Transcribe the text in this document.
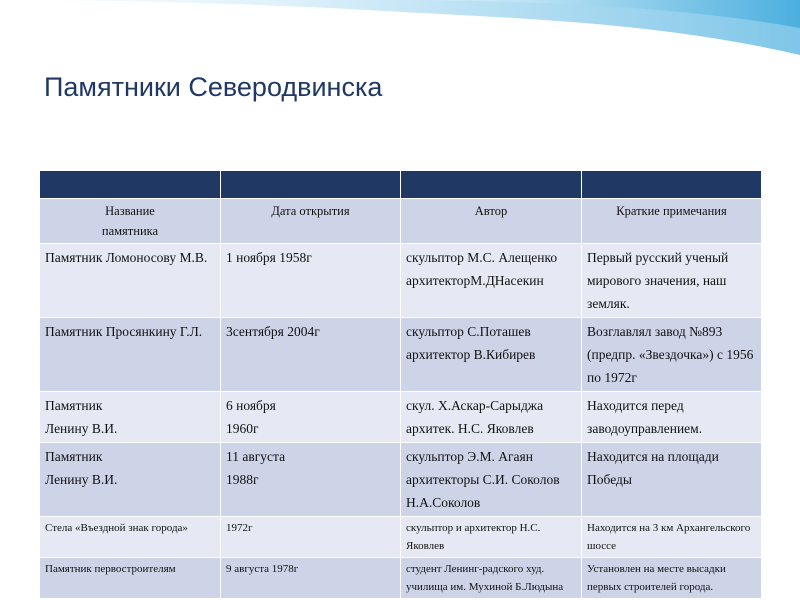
Памятники Северодвинска

Название памятника	Дата открытия	Автор	Краткие примечания
Памятник Ломоносову М.В.	1 ноября 1958г	скульптор М.С. Алещенко архитекторМ.ДНасекин	Первый русский ученый мирового значения, наш земляк.
Памятник Просянкину Г.Л.	3сентября 2004г	скульптор С.Поташев архитектор В.Кибирев	Возглавлял завод №893 (предпр. «Звездочка») с 1956 по 1972г
Памятник Ленину В.И.	6 ноября 1960г	скул. Х.Аскар-Сарыджа архитек. Н.С. Яковлев	Находится перед заводоуправлением.
Памятник Ленину В.И.	11 августа 1988г	скульптор Э.М. Агаян архитекторы С.И. Соколов Н.А.Соколов	Находится на площади Победы
Стела «Въездной знак города»	1972г	скульптор и архитектор Н.С. Яковлев	Находится на 3 км Архангельского шоссе
Памятник первостроителям	9 августа 1978г	студент Ленинг-радского худ. училища им. Мухиной Б.Людына	Установлен на месте высадки первых строителей города.
